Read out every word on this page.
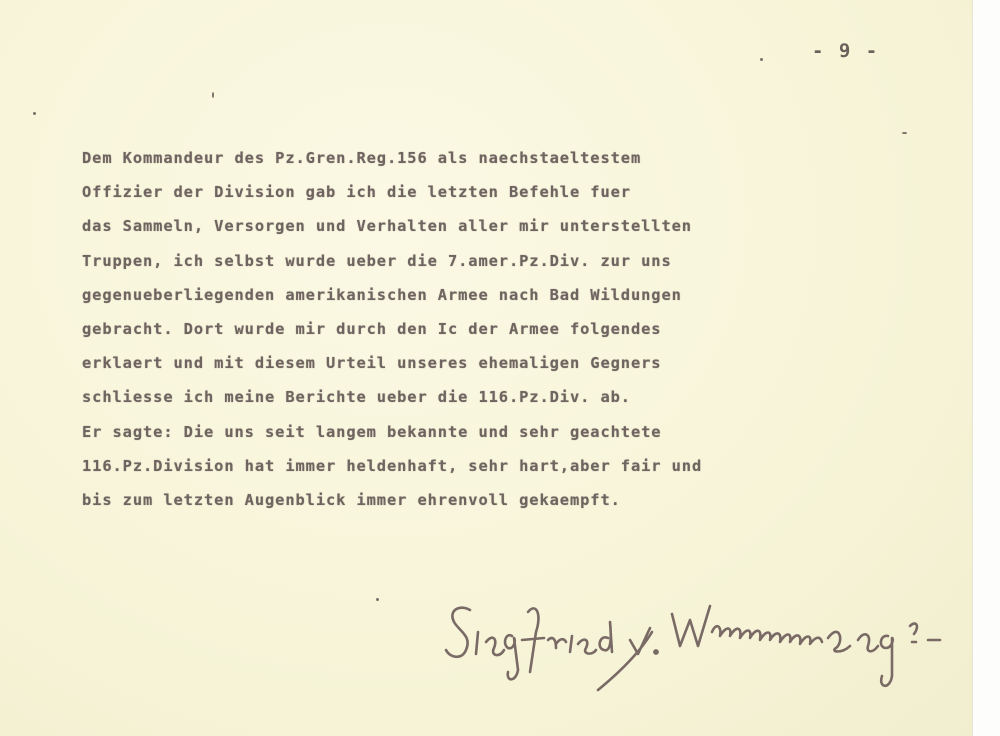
- 9 -
Dem Kommandeur des Pz.Gren.Reg.156 als naechstaeltestem
Offizier der Division gab ich die letzten Befehle fuer
das Sammeln, Versorgen und Verhalten aller mir unterstellten
Truppen, ich selbst wurde ueber die 7.amer.Pz.Div. zur uns
gegenueberliegenden amerikanischen Armee nach Bad Wildungen
gebracht. Dort wurde mir durch den Ic der Armee folgendes
erklaert und mit diesem Urteil unseres ehemaligen Gegners
schliesse ich meine Berichte ueber die 116.Pz.Div. ab.
Er sagte: Die uns seit langem bekannte und sehr geachtete
116.Pz.Division hat immer heldenhaft, sehr hart,aber fair und
bis zum letzten Augenblick immer ehrenvoll gekaempft.
